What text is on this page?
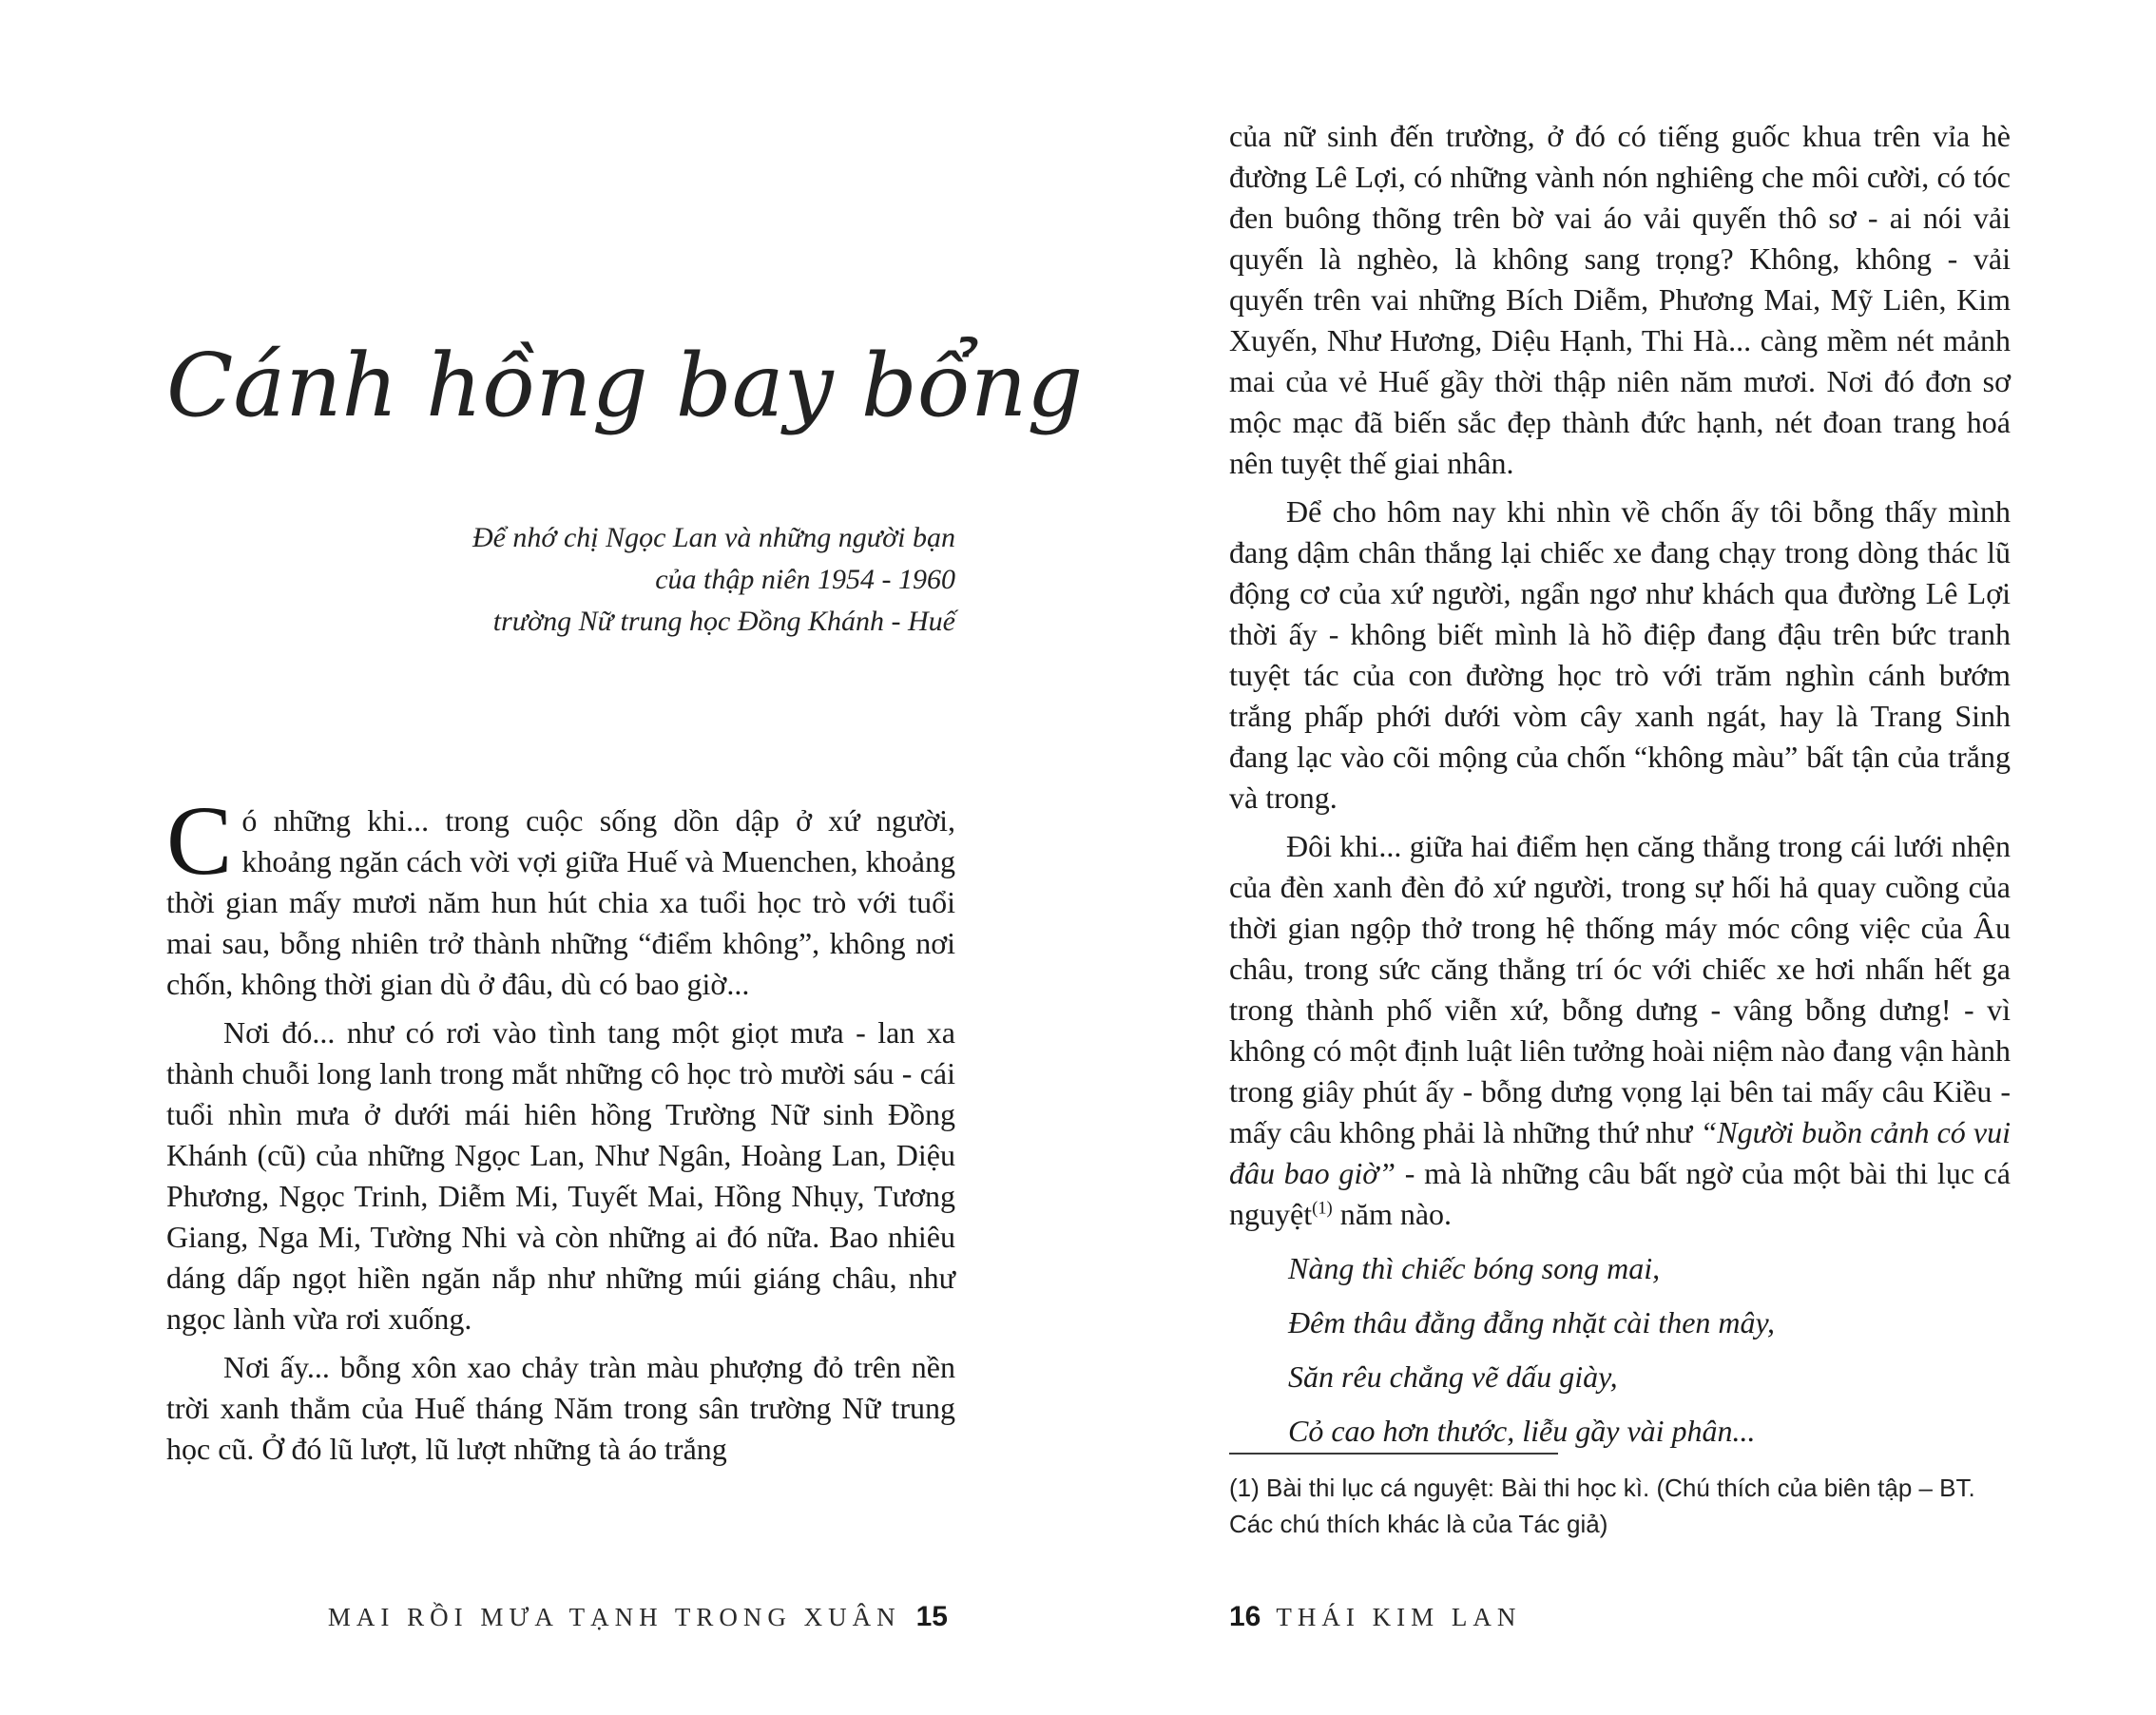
Cánh hồng bay bổng
Để nhớ chị Ngọc Lan và những người bạn
của thập niên 1954 - 1960
trường Nữ trung học Đồng Khánh - Huế

Có những khi... trong cuộc sống dồn dập ở xứ người, khoảng ngăn cách vời vợi giữa Huế và Muenchen, khoảng thời gian mấy mươi năm hun hút chia xa tuổi học trò với tuổi mai sau, bỗng nhiên trở thành những “điểm không”, không nơi chốn, không thời gian dù ở đâu, dù có bao giờ...

Nơi đó... như có rơi vào tình tang một giọt mưa - lan xa thành chuỗi long lanh trong mắt những cô học trò mười sáu - cái tuổi nhìn mưa ở dưới mái hiên hồng Trường Nữ sinh Đồng Khánh (cũ) của những Ngọc Lan, Như Ngân, Hoàng Lan, Diệu Phương, Ngọc Trinh, Diễm Mi, Tuyết Mai, Hồng Nhụy, Tương Giang, Nga Mi, Tường Nhi và còn những ai đó nữa. Bao nhiêu dáng dấp ngọt hiền ngăn nắp như những múi giáng châu, như ngọc lành vừa rơi xuống.

Nơi ấy... bỗng xôn xao chảy tràn màu phượng đỏ trên nền trời xanh thẳm của Huế tháng Năm trong sân trường Nữ trung học cũ. Ở đó lũ lượt, lũ lượt những tà áo trắng

MAI RỒI MƯA TẠNH TRONG XUÂN 15

của nữ sinh đến trường, ở đó có tiếng guốc khua trên vỉa hè đường Lê Lợi, có những vành nón nghiêng che môi cười, có tóc đen buông thõng trên bờ vai áo vải quyến thô sơ - ai nói vải quyến là nghèo, là không sang trọng? Không, không - vải quyến trên vai những Bích Diễm, Phương Mai, Mỹ Liên, Kim Xuyến, Như Hương, Diệu Hạnh, Thi Hà... càng mềm nét mảnh mai của vẻ Huế gầy thời thập niên năm mươi. Nơi đó đơn sơ mộc mạc đã biến sắc đẹp thành đức hạnh, nét đoan trang hoá nên tuyệt thế giai nhân.

Để cho hôm nay khi nhìn về chốn ấy tôi bỗng thấy mình đang dậm chân thắng lại chiếc xe đang chạy trong dòng thác lũ động cơ của xứ người, ngẩn ngơ như khách qua đường Lê Lợi thời ấy - không biết mình là hồ điệp đang đậu trên bức tranh tuyệt tác của con đường học trò với trăm nghìn cánh bướm trắng phấp phới dưới vòm cây xanh ngát, hay là Trang Sinh đang lạc vào cõi mộng của chốn “không màu” bất tận của trắng và trong.

Đôi khi... giữa hai điểm hẹn căng thẳng trong cái lưới nhện của đèn xanh đèn đỏ xứ người, trong sự hối hả quay cuồng của thời gian ngộp thở trong hệ thống máy móc công việc của Âu châu, trong sức căng thẳng trí óc với chiếc xe hơi nhấn hết ga trong thành phố viễn xứ, bỗng dưng - vâng bỗng dưng! - vì không có một định luật liên tưởng hoài niệm nào đang vận hành trong giây phút ấy - bỗng dưng vọng lại bên tai mấy câu Kiều - mấy câu không phải là những thứ như “Người buồn cảnh có vui đâu bao giờ” - mà là những câu bất ngờ của một bài thi lục cá nguyệt$^{(1)}$ năm nào.

Nàng thì chiếc bóng song mai,

Đêm thâu đằng đẵng nhặt cài then mây,

Săn rêu chẳng vẽ dấu giày,

Cỏ cao hơn thước, liễu gầy vài phân...

(1) Bài thi lục cá nguyệt: Bài thi học kì. (Chú thích của biên tập – BT. Các chú thích khác là của Tác giả)
16 THÁI KIM LAN
